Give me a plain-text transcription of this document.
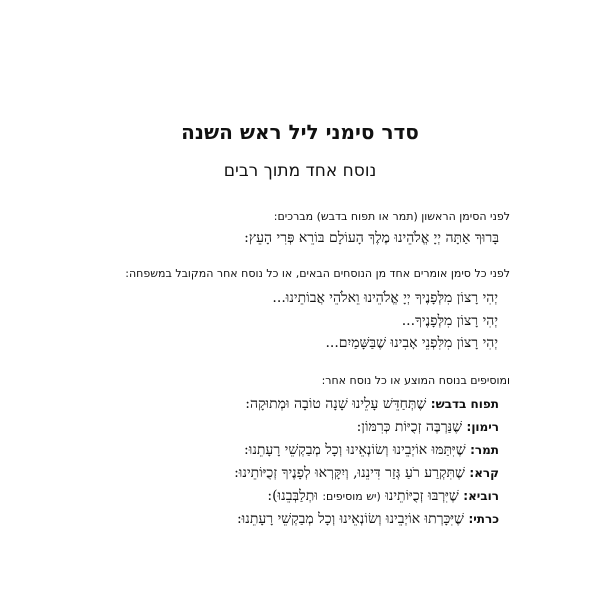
סדר סימני ליל ראש השנה
נוסח אחד מתוך רבים
לפני הסימן הראשון (תמר או תפוח בדבש) מברכים:
בָּרוּךְ אַתָּה יְיָ אֱלֹהֵינוּ מֶלֶךְ הָעוֹלָם בּוֹרֵא פְּרִי הָעֵץ:
לפני כל סימן אומרים אחד מן הנוסחים הבאים, או כל נוסח אחר המקובל במשפחה:
יְהִי רָצוֹן מִלְּפָנֶיךָ יְיָ אֱלֹהֵינוּ וֵאלֹהֵי אֲבוֹתֵינוּ...
יְהִי רָצוֹן מִלְּפָנֶיךָ...
יְהִי רָצוֹן מִלִּפְנֵי אָבִינוּ שֶׁבַּשָּׁמַיִם...
ומוסיפים בנוסח המוצע או כל נוסח אחר:
תפוח בדבש: שֶׁתְּחַדֵּשׁ עָלֵינוּ שָׁנָה טוֹבָה וּמְתוּקָה:
רימון: שֶׁנַּרְבֶּה זְכֻיּוֹת כְּרִמּוֹן:
תמר: שֶׁיִּתַּמּוּ אוֹיְבֵינוּ וְשׂוֹנְאֵינוּ וְכָל מְבַקְשֵׁי רָעָתֵנוּ:
קרא: שֶׁתִּקְרַע רֹעַ גְּזַר דִּינֵנוּ, וְיִקָּרְאוּ לְפָנֶיךָ זְכֻיּוֹתֵינוּ:
רוביא: שֶׁיִּרְבּוּ זְכֻיּוֹתֵינוּ (יש מוסיפים: וּתְלַבְּבֵנוּ):
כרתי: שֶׁיִּכָּרְתוּ אוֹיְבֵינוּ וְשׂוֹנְאֵינוּ וְכָל מְבַקְשֵׁי רָעָתֵנוּ:
